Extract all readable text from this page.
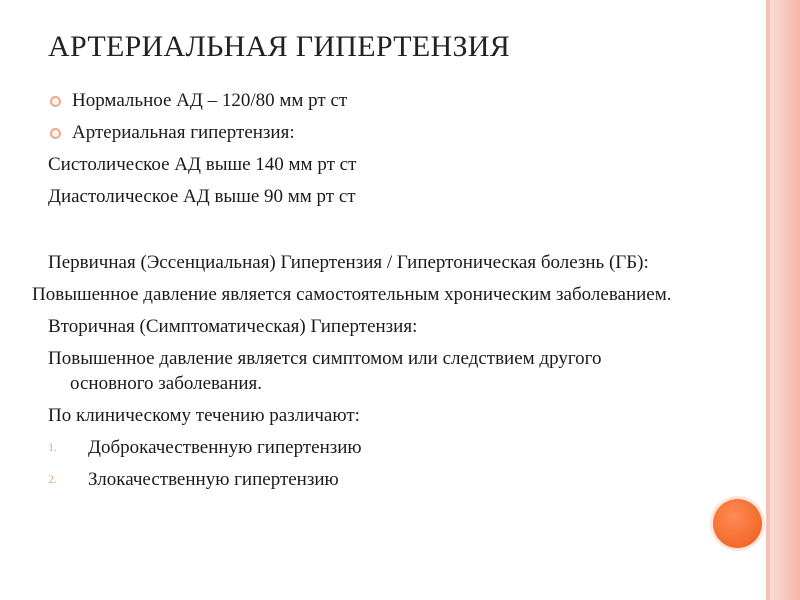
АРТЕРИАЛЬНАЯ ГИПЕРТЕНЗИЯ
Нормальное АД – 120/80 мм рт ст
Артериальная гипертензия:
Систолическое АД выше 140 мм рт ст
Диастолическое АД выше 90 мм рт ст
Первичная (Эссенциальная) Гипертензия / Гипертоническая болезнь (ГБ):
Повышенное давление является самостоятельным хроническим заболеванием.
Вторичная (Симптоматическая) Гипертензия:
Повышенное давление является симптомом или следствием другого основного заболевания.
По клиническому течению различают:
1. Доброкачественную гипертензию
2. Злокачественную гипертензию
